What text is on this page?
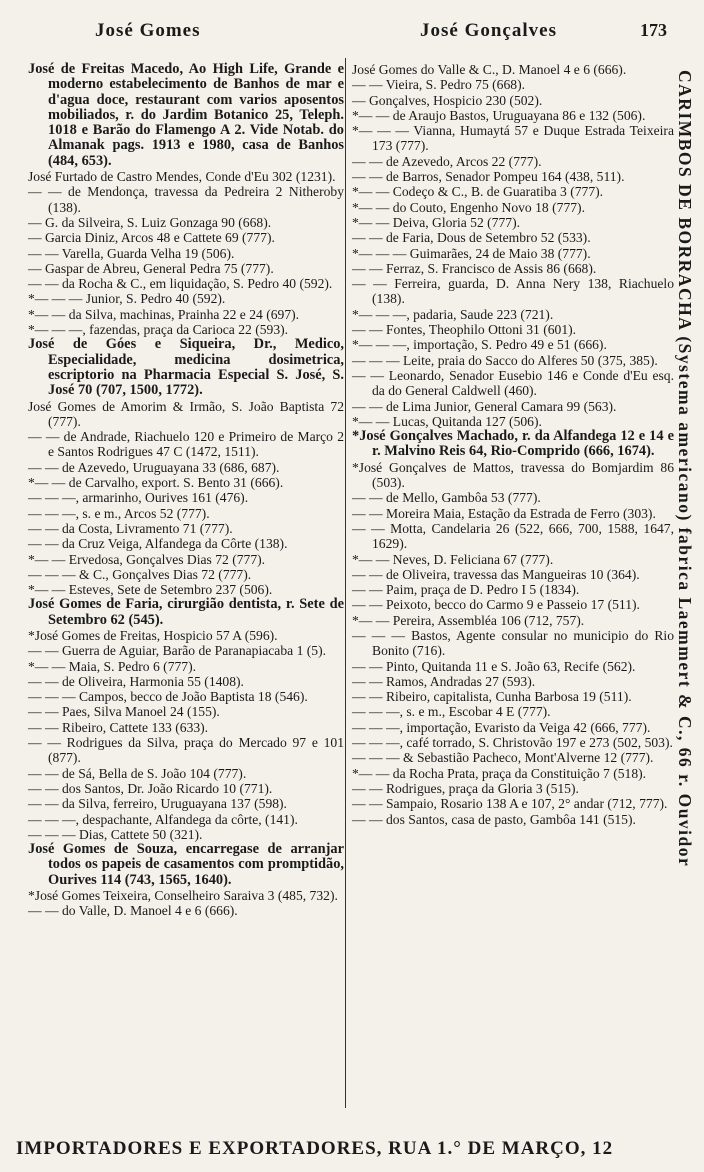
José Gomes	José Gonçalves	173

José de Freitas Macedo, Ao High Life, Grande e moderno estabelecimento de Banhos de mar e d'agua doce, restaurant com varios aposentos mobiliados, r. do Jardim Botanico 25, Teleph. 1018 e Barão do Flamengo A 2. Vide Notab. do Almanak pags. 1913 e 1980, casa de Banhos (484, 653).

José Furtado de Castro Mendes, Conde d'Eu 302 (1231).

— — de Mendonça, travessa da Pedreira 2 Nitheroby (138).

— G. da Silveira, S. Luiz Gonzaga 90 (668).

— Garcia Diniz, Arcos 48 e Cattete 69 (777).

— — Varella, Guarda Velha 19 (506).

— Gaspar de Abreu, General Pedra 75 (777).

— — da Rocha & C., em liquidação, S. Pedro 40 (592).

*— — — Junior, S. Pedro 40 (592).

*— — da Silva, machinas, Prainha 22 e 24 (697).

*— — —, fazendas, praça da Carioca 22 (593).

José de Góes e Siqueira, Dr., Medico, Especialidade, medicina dosimetrica, escriptorio na Pharmacia Especial S. José, S. José 70 (707, 1500, 1772).

José Gomes de Amorim & Irmão, S. João Baptista 72 (777).

— — de Andrade, Riachuelo 120 e Primeiro de Março 2 e Santos Rodrigues 47 C (1472, 1511).

— — de Azevedo, Uruguayana 33 (686, 687).

*— — de Carvalho, export. S. Bento 31 (666).

— — —, armarinho, Ourives 161 (476).

— — —, s. e m., Arcos 52 (777).

— — da Costa, Livramento 71 (777).

— — da Cruz Veiga, Alfandega da Côrte (138).

*— — Ervedosa, Gonçalves Dias 72 (777).

— — — & C., Gonçalves Dias 72 (777).

*— — Esteves, Sete de Setembro 237 (506).

José Gomes de Faria, cirurgião dentista, r. Sete de Setembro 62 (545).

*José Gomes de Freitas, Hospicio 57 A (596).

— — Guerra de Aguiar, Barão de Paranapiacaba 1 (5).

*— — Maia, S. Pedro 6 (777).

— — de Oliveira, Harmonia 55 (1408).

— — — Campos, becco de João Baptista 18 (546).

— — Paes, Silva Manoel 24 (155).

— — Ribeiro, Cattete 133 (633).

— — Rodrigues da Silva, praça do Mercado 97 e 101 (877).

— — de Sá, Bella de S. João 104 (777).

— — dos Santos, Dr. João Ricardo 10 (771).

— — da Silva, ferreiro, Uruguayana 137 (598).

— — —, despachante, Alfandega da côrte, (141).

— — — Dias, Cattete 50 (321).

José Gomes de Souza, encarregase de arranjar todos os papeis de casamentos com promptidão, Ourives 114 (743, 1565, 1640).

*José Gomes Teixeira, Conselheiro Saraiva 3 (485, 732).

— — do Valle, D. Manoel 4 e 6 (666).

José Gomes do Valle & C., D. Manoel 4 e 6 (666).

— — Vieira, S. Pedro 75 (668).

— Gonçalves, Hospicio 230 (502).

*— — de Araujo Bastos, Uruguayana 86 e 132 (506).

*— — — Vianna, Humaytá 57 e Duque Estrada Teixeira 173 (777).

— — de Azevedo, Arcos 22 (777).

— — de Barros, Senador Pompeu 164 (438, 511).

*— — Codeço & C., B. de Guaratiba 3 (777).

*— — do Couto, Engenho Novo 18 (777).

*— — Deiva, Gloria 52 (777).

— — de Faria, Dous de Setembro 52 (533).

*— — — Guimarães, 24 de Maio 38 (777).

— — Ferraz, S. Francisco de Assis 86 (668).

— — Ferreira, guarda, D. Anna Nery 138, Riachuelo (138).

*— — —, padaria, Saude 223 (721).

— — Fontes, Theophilo Ottoni 31 (601).

*— — —, importação, S. Pedro 49 e 51 (666).

— — — Leite, praia do Sacco do Alferes 50 (375, 385).

— — Leonardo, Senador Eusebio 146 e Conde d'Eu esq. da do General Caldwell (460).

— — de Lima Junior, General Camara 99 (563).

*— — Lucas, Quitanda 127 (506).

*José Gonçalves Machado, r. da Alfandega 12 e 14 e r. Malvino Reis 64, Rio-Comprido (666, 1674).

*José Gonçalves de Mattos, travessa do Bomjardim 86 (503).

— — de Mello, Gambôa 53 (777).

— — Moreira Maia, Estação da Estrada de Ferro (303).

— — Motta, Candelaria 26 (522, 666, 700, 1588, 1647, 1629).

*— — Neves, D. Feliciana 67 (777).

— — de Oliveira, travessa das Mangueiras 10 (364).

— — Paim, praça de D. Pedro I 5 (1834).

— — Peixoto, becco do Carmo 9 e Passeio 17 (511).

*— — Pereira, Assembléa 106 (712, 757).

— — — Bastos, Agente consular no municipio do Rio Bonito (716).

— — Pinto, Quitanda 11 e S. João 63, Recife (562).

— — Ramos, Andradas 27 (593).

— — Ribeiro, capitalista, Cunha Barbosa 19 (511).

— — —, s. e m., Escobar 4 E (777).

— — —, importação, Evaristo da Veiga 42 (666, 777).

— — —, café torrado, S. Christovão 197 e 273 (502, 503).

— — — & Sebastião Pacheco, Mont'Alverne 12 (777).

*— — da Rocha Prata, praça da Constituição 7 (518).

— — Rodrigues, praça da Gloria 3 (515).

— — Sampaio, Rosario 138 A e 107, 2° andar (712, 777).

— — dos Santos, casa de pasto, Gambôa 141 (515).	CARIMBOS DE BORRACHA (Systema americano) fabrica Laemmert & C., 66 r. Ouvidor
IMPORTADORES E EXPORTADORES, RUA 1.° DE MARÇO, 12
